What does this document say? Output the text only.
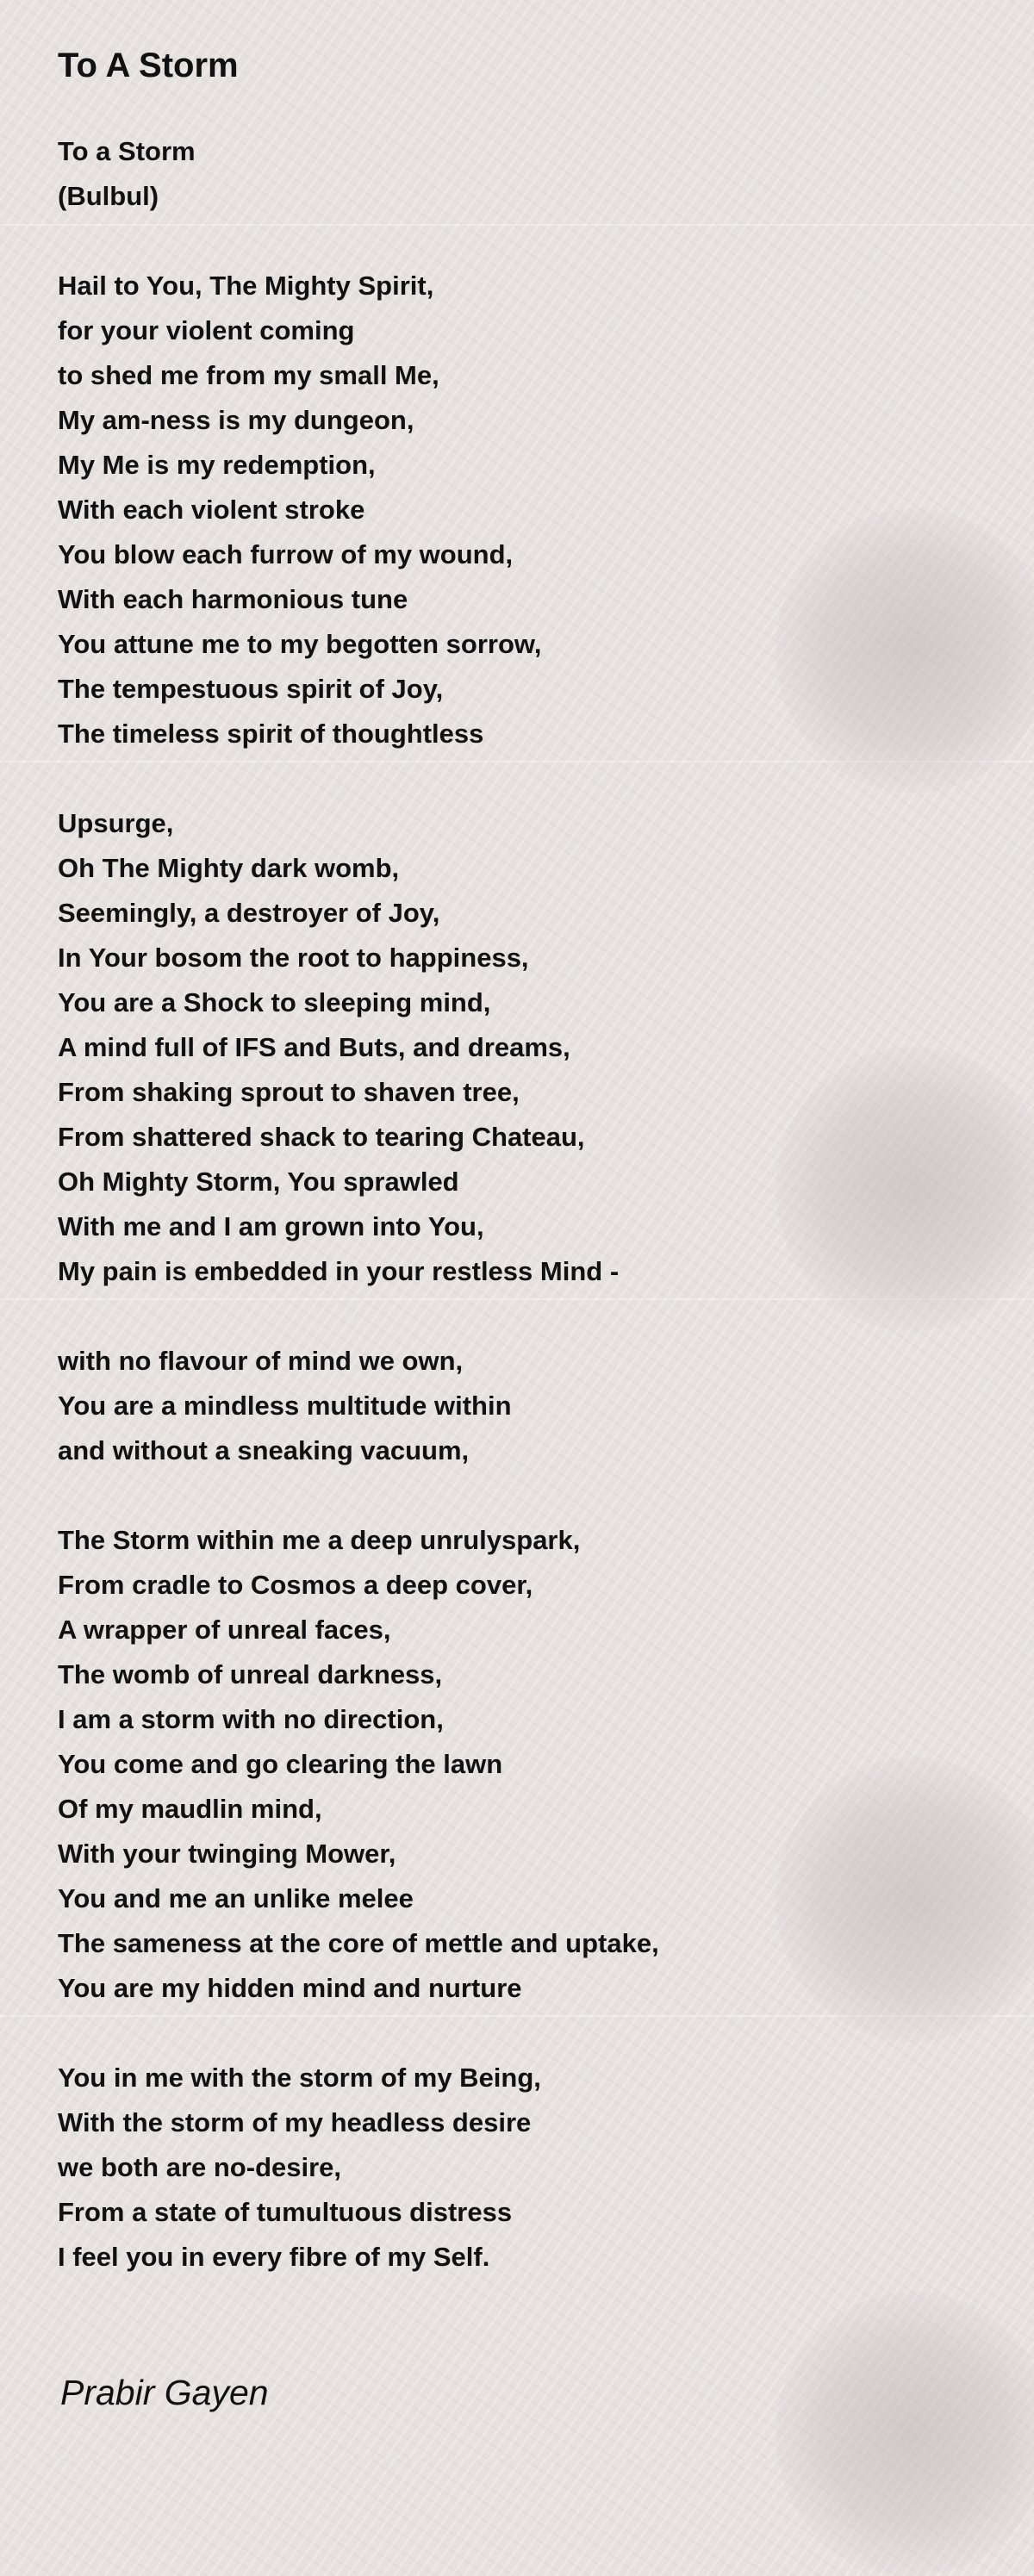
To A Storm
To a Storm
(Bulbul)
Hail to You, The Mighty Spirit,
for your violent coming
to shed me from my small Me,
My am-ness is my dungeon,
My Me is my redemption,
With each violent stroke
You blow each furrow of my wound,
With each harmonious tune
You attune me to my begotten sorrow,
The tempestuous spirit of Joy,
The timeless spirit of thoughtless
Upsurge,
Oh The Mighty dark womb,
Seemingly, a destroyer of Joy,
In Your bosom the root to happiness,
You are a Shock to sleeping mind,
A mind full of IFS and Buts, and dreams,
From shaking sprout to shaven tree,
From shattered shack to tearing Chateau,
Oh Mighty Storm, You sprawled
With me and I am grown into You,
My pain is embedded in your restless Mind -
with no flavour of mind we own,
You are a mindless multitude within
and without a sneaking vacuum,
The Storm within me a deep unrulyspark,
From cradle to Cosmos a deep cover,
A wrapper of unreal faces,
The womb of unreal darkness,
I am a storm with no direction,
You come and go clearing the lawn
Of my maudlin mind,
With your twinging Mower,
You and me an unlike melee
The sameness at the core of mettle and uptake,
You are my hidden mind and nurture
You in me with the storm of my Being,
With the storm of my headless desire
we both are no-desire,
From a state of tumultuous distress
I feel you in every fibre of my Self.
Prabir Gayen
